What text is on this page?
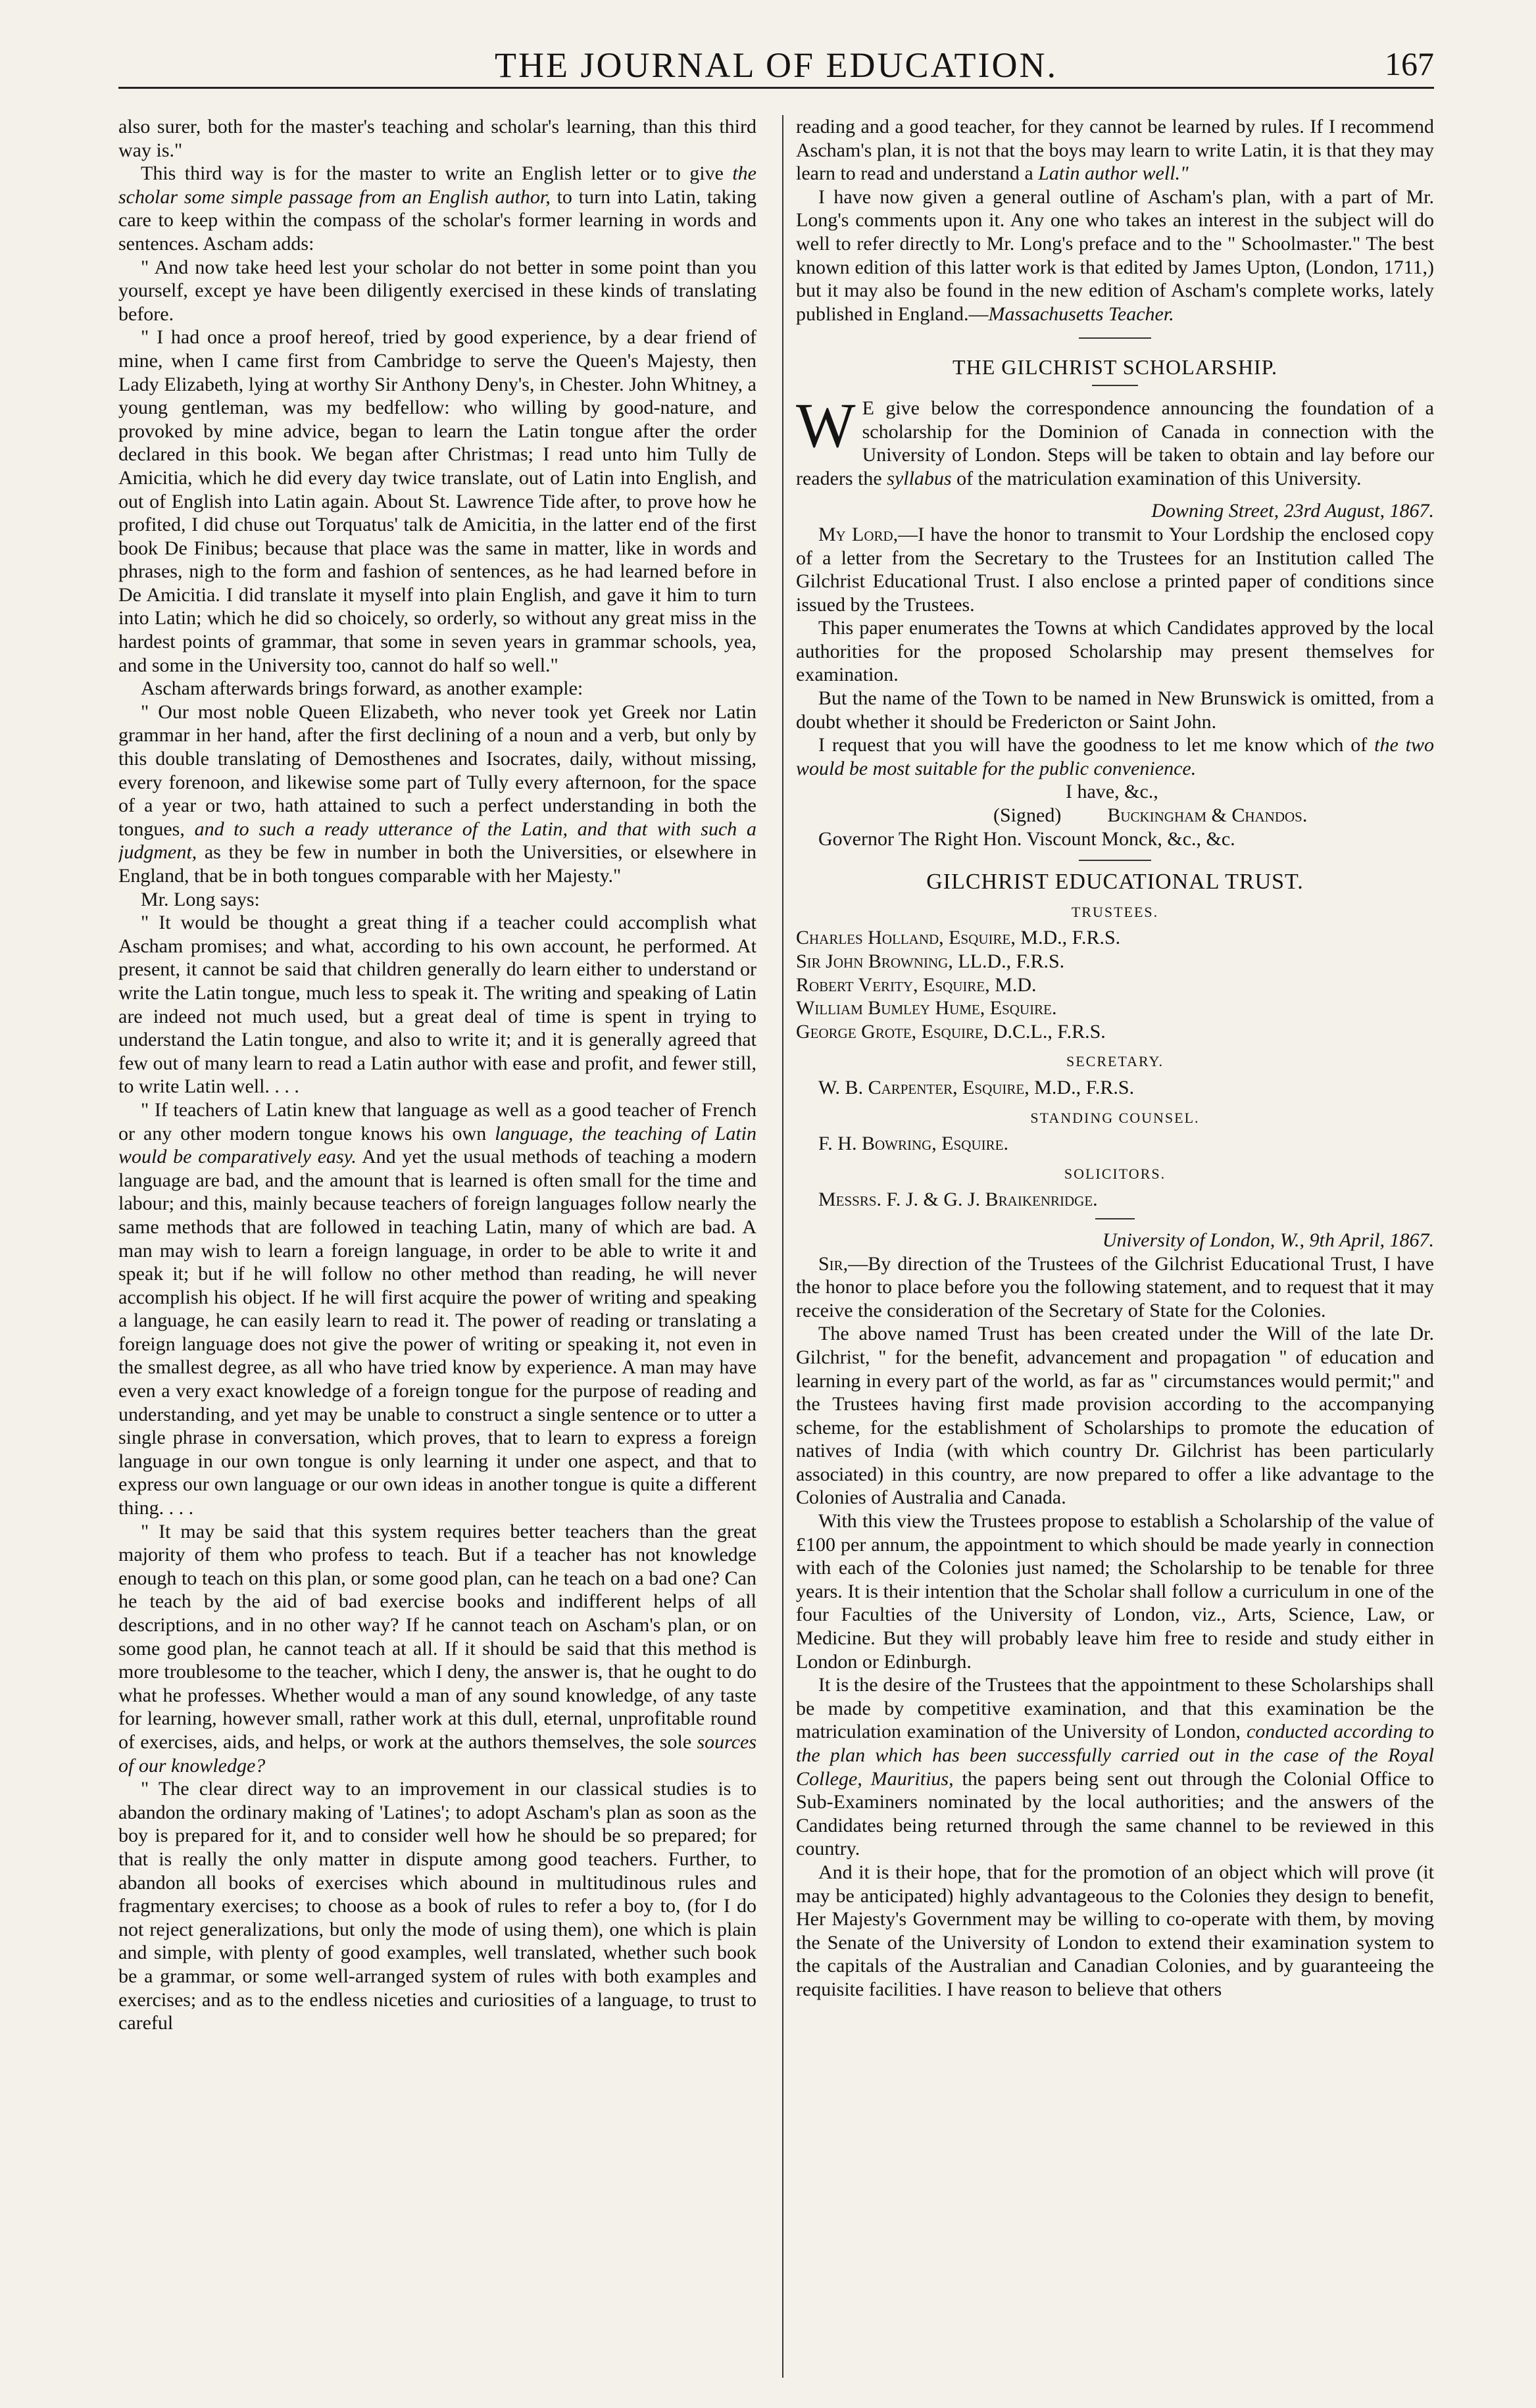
THE JOURNAL OF EDUCATION.	167

also surer, both for the master's teaching and scholar's learning, than this third way is."

This third way is for the master to write an English letter or to give the scholar some simple passage from an English author, to turn into Latin, taking care to keep within the compass of the scholar's former learning in words and sentences. Ascham adds:

" And now take heed lest your scholar do not better in some point than you yourself, except ye have been diligently exercised in these kinds of translating before.

" I had once a proof hereof, tried by good experience, by a dear friend of mine, when I came first from Cambridge to serve the Queen's Majesty, then Lady Elizabeth, lying at worthy Sir Anthony Deny's, in Chester. John Whitney, a young gentleman, was my bedfellow: who willing by good-nature, and provoked by mine advice, began to learn the Latin tongue after the order declared in this book. We began after Christmas; I read unto him Tully de Amicitia, which he did every day twice translate, out of Latin into English, and out of English into Latin again. About St. Lawrence Tide after, to prove how he profited, I did chuse out Torquatus' talk de Amicitia, in the latter end of the first book De Finibus; because that place was the same in matter, like in words and phrases, nigh to the form and fashion of sentences, as he had learned before in De Amicitia. I did translate it myself into plain English, and gave it him to turn into Latin; which he did so choicely, so orderly, so without any great miss in the hardest points of grammar, that some in seven years in grammar schools, yea, and some in the University too, cannot do half so well."

Ascham afterwards brings forward, as another example:

" Our most noble Queen Elizabeth, who never took yet Greek nor Latin grammar in her hand, after the first declining of a noun and a verb, but only by this double translating of Demosthenes and Isocrates, daily, without missing, every forenoon, and likewise some part of Tully every afternoon, for the space of a year or two, hath attained to such a perfect understanding in both the tongues, and to such a ready utterance of the Latin, and that with such a judgment, as they be few in number in both the Universities, or elsewhere in England, that be in both tongues comparable with her Majesty."

Mr. Long says:

" It would be thought a great thing if a teacher could accomplish what Ascham promises; and what, according to his own account, he performed. At present, it cannot be said that children generally do learn either to understand or write the Latin tongue, much less to speak it. The writing and speaking of Latin are indeed not much used, but a great deal of time is spent in trying to understand the Latin tongue, and also to write it; and it is generally agreed that few out of many learn to read a Latin author with ease and profit, and fewer still, to write Latin well. . . .

" If teachers of Latin knew that language as well as a good teacher of French or any other modern tongue knows his own language, the teaching of Latin would be comparatively easy. And yet the usual methods of teaching a modern language are bad, and the amount that is learned is often small for the time and labour; and this, mainly because teachers of foreign languages follow nearly the same methods that are followed in teaching Latin, many of which are bad. A man may wish to learn a foreign language, in order to be able to write it and speak it; but if he will follow no other method than reading, he will never accomplish his object. If he will first acquire the power of writing and speaking a language, he can easily learn to read it. The power of reading or translating a foreign language does not give the power of writing or speaking it, not even in the smallest degree, as all who have tried know by experience. A man may have even a very exact knowledge of a foreign tongue for the purpose of reading and understanding, and yet may be unable to construct a single sentence or to utter a single phrase in conversation, which proves, that to learn to express a foreign language in our own tongue is only learning it under one aspect, and that to express our own language or our own ideas in another tongue is quite a different thing. . . .

" It may be said that this system requires better teachers than the great majority of them who profess to teach. But if a teacher has not knowledge enough to teach on this plan, or some good plan, can he teach on a bad one? Can he teach by the aid of bad exercise books and indifferent helps of all descriptions, and in no other way? If he cannot teach on Ascham's plan, or on some good plan, he cannot teach at all. If it should be said that this method is more troublesome to the teacher, which I deny, the answer is, that he ought to do what he professes. Whether would a man of any sound knowledge, of any taste for learning, however small, rather work at this dull, eternal, unprofitable round of exercises, aids, and helps, or work at the authors themselves, the sole sources of our knowledge?

" The clear direct way to an improvement in our classical studies is to abandon the ordinary making of 'Latines'; to adopt Ascham's plan as soon as the boy is prepared for it, and to consider well how he should be so prepared; for that is really the only matter in dispute among good teachers. Further, to abandon all books of exercises which abound in multitudinous rules and fragmentary exercises; to choose as a book of rules to refer a boy to, (for I do not reject generalizations, but only the mode of using them), one which is plain and simple, with plenty of good examples, well translated, whether such book be a grammar, or some well-arranged system of rules with both examples and exercises; and as to the endless niceties and curiosities of a language, to trust to careful

reading and a good teacher, for they cannot be learned by rules. If I recommend Ascham's plan, it is not that the boys may learn to write Latin, it is that they may learn to read and understand a Latin author well."

I have now given a general outline of Ascham's plan, with a part of Mr. Long's comments upon it. Any one who takes an interest in the subject will do well to refer directly to Mr. Long's preface and to the " Schoolmaster." The best known edition of this latter work is that edited by James Upton, (London, 1711,) but it may also be found in the new edition of Ascham's complete works, lately published in England.—Massachusetts Teacher.

THE GILCHRIST SCHOLARSHIP.

W E give below the correspondence announcing the foundation of a scholarship for the Dominion of Canada in connection with the University of London. Steps will be taken to obtain and lay before our readers the syllabus of the matriculation examination of this University.

Downing Street, 23rd August, 1867.

My Lord,—I have the honor to transmit to Your Lordship the enclosed copy of a letter from the Secretary to the Trustees for an Institution called The Gilchrist Educational Trust. I also enclose a printed paper of conditions since issued by the Trustees.

This paper enumerates the Towns at which Candidates approved by the local authorities for the proposed Scholarship may present themselves for examination.

But the name of the Town to be named in New Brunswick is omitted, from a doubt whether it should be Fredericton or Saint John.

I request that you will have the goodness to let me know which of the two would be most suitable for the public convenience.

I have, &c.,

(Signed) Buckingham & Chandos.

Governor The Right Hon. Viscount Monck, &c., &c.

GILCHRIST EDUCATIONAL TRUST.
TRUSTEES.

Charles Holland, Esquire, M.D., F.R.S.

Sir John Browning, LL.D., F.R.S.

Robert Verity, Esquire, M.D.

William Bumley Hume, Esquire.

George Grote, Esquire, D.C.L., F.R.S.

SECRETARY.

W. B. Carpenter, Esquire, M.D., F.R.S.

STANDING COUNSEL.

F. H. Bowring, Esquire.

SOLICITORS.

Messrs. F. J. & G. J. Braikenridge.

University of London, W., 9th April, 1867.

Sir,—By direction of the Trustees of the Gilchrist Educational Trust, I have the honor to place before you the following statement, and to request that it may receive the consideration of the Secretary of State for the Colonies.

The above named Trust has been created under the Will of the late Dr. Gilchrist, " for the benefit, advancement and propagation " of education and learning in every part of the world, as far as " circumstances would permit;" and the Trustees having first made provision according to the accompanying scheme, for the establishment of Scholarships to promote the education of natives of India (with which country Dr. Gilchrist has been particularly associated) in this country, are now prepared to offer a like advantage to the Colonies of Australia and Canada.

With this view the Trustees propose to establish a Scholarship of the value of £100 per annum, the appointment to which should be made yearly in connection with each of the Colonies just named; the Scholarship to be tenable for three years. It is their intention that the Scholar shall follow a curriculum in one of the four Faculties of the University of London, viz., Arts, Science, Law, or Medicine. But they will probably leave him free to reside and study either in London or Edinburgh.

It is the desire of the Trustees that the appointment to these Scholarships shall be made by competitive examination, and that this examination be the matriculation examination of the University of London, conducted according to the plan which has been successfully carried out in the case of the Royal College, Mauritius, the papers being sent out through the Colonial Office to Sub-Examiners nominated by the local authorities; and the answers of the Candidates being returned through the same channel to be reviewed in this country.

And it is their hope, that for the promotion of an object which will prove (it may be anticipated) highly advantageous to the Colonies they design to benefit, Her Majesty's Government may be willing to co-operate with them, by moving the Senate of the University of London to extend their examination system to the capitals of the Australian and Canadian Colonies, and by guaranteeing the requisite facilities. I have reason to believe that others
